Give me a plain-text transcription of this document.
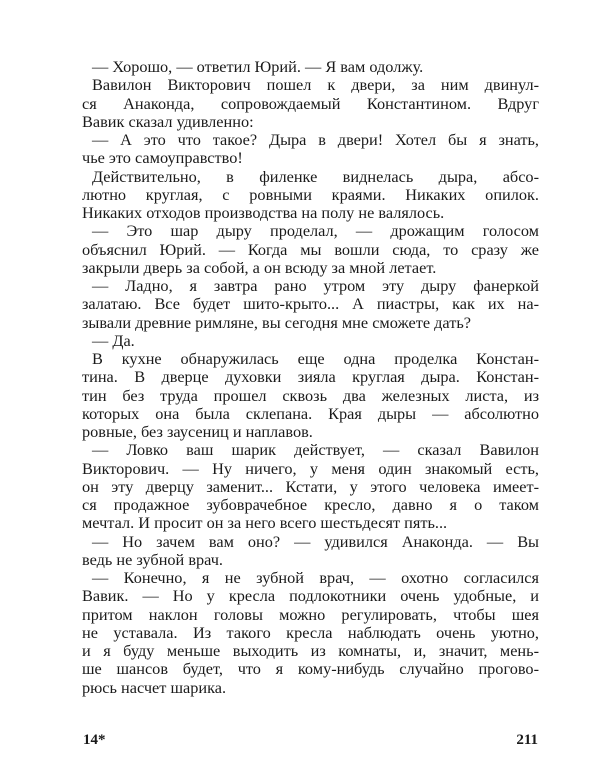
— Хорошо, — ответил Юрий. — Я вам одолжу.
Вавилон Викторович пошел к двери, за ним двинул-
ся Анаконда, сопровождаемый Константином. Вдруг
Вавик сказал удивленно:
— А это что такое? Дыра в двери! Хотел бы я знать,
чье это самоуправство!
Действительно, в филенке виднелась дыра, абсо-
лютно круглая, с ровными краями. Никаких опилок.
Никаких отходов производства на полу не валялось.
— Это шар дыру проделал, — дрожащим голосом
объяснил Юрий. — Когда мы вошли сюда, то сразу же
закрыли дверь за собой, а он всюду за мной летает.
— Ладно, я завтра рано утром эту дыру фанеркой
залатаю. Все будет шито-крыто... А пиастры, как их на-
зывали древние римляне, вы сегодня мне сможете дать?
— Да.
В кухне обнаружилась еще одна проделка Констан-
тина. В дверце духовки зияла круглая дыра. Констан-
тин без труда прошел сквозь два железных листа, из
которых она была склепана. Края дыры — абсолютно
ровные, без заусениц и наплавов.
— Ловко ваш шарик действует, — сказал Вавилон
Викторович. — Ну ничего, у меня один знакомый есть,
он эту дверцу заменит... Кстати, у этого человека имеет-
ся продажное зубоврачебное кресло, давно я о таком
мечтал. И просит он за него всего шестьдесят пять...
— Но зачем вам оно? — удивился Анаконда. — Вы
ведь не зубной врач.
— Конечно, я не зубной врач, — охотно согласился
Вавик. — Но у кресла подлокотники очень удобные, и
притом наклон головы можно регулировать, чтобы шея
не уставала. Из такого кресла наблюдать очень уютно,
и я буду меньше выходить из комнаты, и, значит, мень-
ше шансов будет, что я кому-нибудь случайно прогово-
рюсь насчет шарика.
14*	211
